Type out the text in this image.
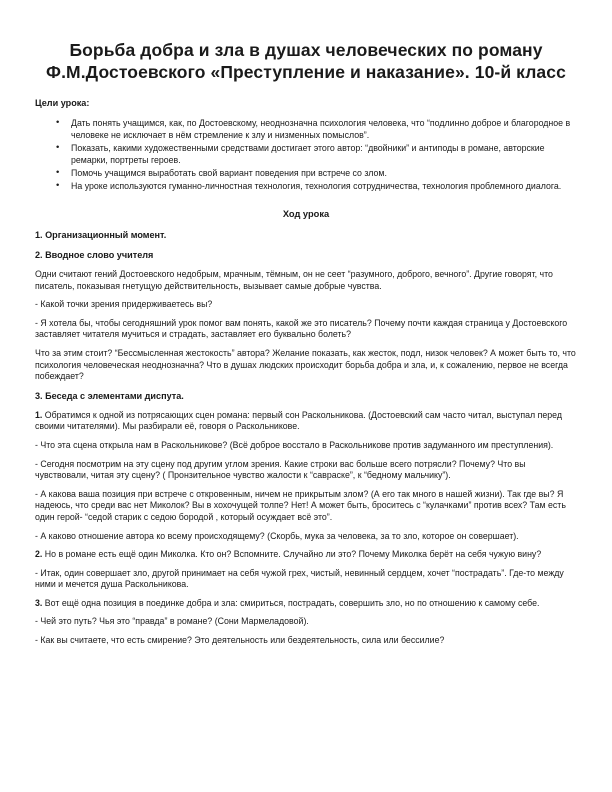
Борьба добра и зла в душах человеческих по роману Ф.М.Достоевского «Преступление и наказание». 10-й класс
Цели урока:
• Дать понять учащимся, как, по Достоевскому, неоднозначна психология человека, что “подлинно доброе и благородное в человеке не исключает в нём стремление к злу и низменных помыслов”.
• Показать, какими художественными средствами достигает этого автор: “двойники” и антиподы в романе, авторские ремарки, портреты героев.
• Помочь учащимся выработать свой вариант поведения при встрече со злом.
• На уроке используются гуманно-личностная технология, технология сотрудничества, технология проблемного диалога.
Ход урока
1. Организационный момент.
2. Вводное слово учителя

Одни считают гений Достоевского недобрым, мрачным, тёмным, он не сеет “разумного, доброго, вечного”. Другие говорят, что писатель, показывая гнетущую действительность, вызывает самые добрые чувства.

- Какой точки зрения придерживаетесь вы?

- Я хотела бы, чтобы сегодняшний урок помог вам понять, какой же это писатель? Почему почти каждая страница у Достоевского заставляет читателя мучиться и страдать, заставляет его буквально болеть?

Что за этим стоит? “Бессмысленная жестокость” автора? Желание показать, как жесток, подл, низок человек? А может быть то, что психология человеческая неоднозначна? Что в душах людских происходит борьба добра и зла, и, к сожалению, первое не всегда побеждает?

3. Беседа с элементами диспута.

1. Обратимся к одной из потрясающих сцен романа: первый сон Раскольникова. (Достоевский сам часто читал, выступал перед своими читателями). Мы разбирали её, говоря о Раскольникове.

- Что эта сцена открыла нам в Раскольникове? (Всё доброе восстало в Раскольникове против задуманного им преступления).

- Сегодня посмотрим на эту сцену под другим углом зрения. Какие строки вас больше всего потрясли? Почему? Что вы чувствовали, читая эту сцену? ( Пронзительное чувство жалости к “савраске”, к “бедному мальчику”).

- А какова ваша позиция при встрече с откровенным, ничем не прикрытым злом? (А его так много в нашей жизни). Так где вы? Я надеюсь, что среди вас нет Миколок? Вы в хохочущей толпе? Нет! А может быть, броситесь с “кулачками” против всех? Там есть один герой- “седой старик с седою бородой , который осуждает всё это”.

- А каково отношение автора ко всему происходящему? (Скорбь, мука за человека, за то зло, которое он совершает).

2. Но в романе есть ещё один Миколка. Кто он? Вспомните. Случайно ли это? Почему Миколка берёт на себя чужую вину?

- Итак, один совершает зло, другой принимает на себя чужой грех, чистый, невинный сердцем, хочет “пострадать”. Где-то между ними и мечется душа Раскольникова.

3. Вот ещё одна позиция в поединке добра и зла: смириться, пострадать, совершить зло, но по отношению к самому себе.

- Чей это путь? Чья это “правда” в романе? (Сони Мармеладовой).

- Как вы считаете, что есть смирение? Это деятельность или бездеятельность, сила или бессилие?
